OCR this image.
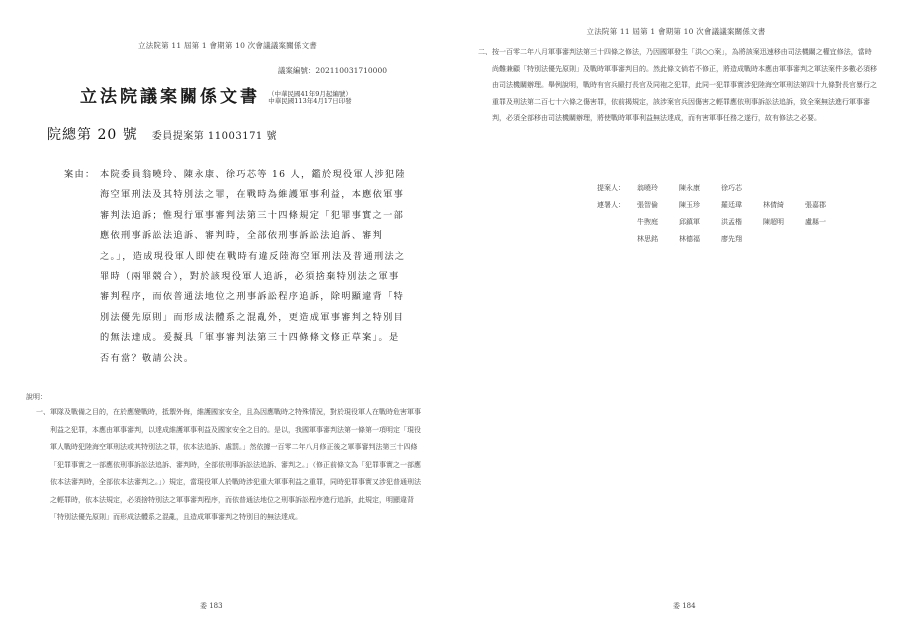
立法院第 11 屆第 1 會期第 10 次會議議案關係文書
議案編號：202110031710000
立法院議案關係文書 （中華民國41年9月起編號）
中華民國113年4月17日印發
院總第 20 號 委員提案第 11003171 號
案由： 本院委員翁曉玲、陳永康、徐巧芯等 16 人，鑑於現役軍人涉犯陸海空軍刑法及其特別法之罪，在戰時為維護軍事利益，本應依軍事審判法追訴；惟現行軍事審判法第三十四條規定「犯罪事實之一部應依刑事訴訟法追訴、審判時，全部依刑事訴訟法追訴、審判之。」，造成現役軍人即使在戰時有違反陸海空軍刑法及普通刑法之罪時（兩罪競合），對於該現役軍人追訴，必須捨棄特別法之軍事審判程序，而依普通法地位之刑事訴訟程序追訴，除明顯違背「特別法優先原則」而形成法體系之混亂外，更造成軍事審判之特別目的無法達成。爰擬具「軍事審判法第三十四條條文修正草案」。是否有當？敬請公決。
說明：
一、 軍隊及戰備之目的，在於應變戰時，抵禦外侮，維護國家安全，且為因應戰時之特殊情況，對於現役軍人在戰時危害軍事利益之犯罪，本應由軍事審判，以達成維護軍事利益及國家安全之目的。是以，我國軍事審判法第一條第一項明定「現役軍人戰時犯陸海空軍刑法或其特別法之罪，依本法追訴、處罰。」然依據一百零二年八月修正後之軍事審判法第三十四條「犯罪事實之一部應依刑事訴訟法追訴、審判時，全部依刑事訴訟法追訴、審判之。」（修正前條文為「犯罪事實之一部應依本法審判時，全部依本法審判之。」）規定，當現役軍人於戰時涉犯重大軍事利益之重罪，同時犯罪事實又涉犯普通刑法之輕罪時，依本法規定，必須捨特別法之軍事審判程序，而依普通法地位之刑事訴訟程序進行追訴，此規定，明顯違背「特別法優先原則」而形成法體系之混亂，且造成軍事審判之特別目的無法達成。
委 183
立法院第 11 屆第 1 會期第 10 次會議議案關係文書
二、 按一百零二年八月軍事審判法第三十四條之修法，乃因國軍發生「洪○○案」，為將該案迅速移由司法機關之權宜修法，當時尚難兼顧「特別法優先原則」及戰時軍事審判目的。然此條文倘若不修正，將造成戰時本應由軍事審判之軍法案件多數必須移由司法機關辦理。舉例說明，戰時有官兵毆打長官及同袍之犯罪，此同一犯罪事實涉犯陸海空軍刑法第四十九條對長官暴行之重罪及刑法第二百七十六條之傷害罪，依前揭規定，該涉案官兵因傷害之輕罪應依刑事訴訟法追訴，致全案無法進行軍事審判，必須全部移由司法機關辦理，將使戰時軍事利益無法達成，而有害軍事任務之遂行，故有修法之必要。
提案人：	翁曉玲	陳永康	徐巧芯
連署人：	張智倫	陳玉珍	羅廷瑋	林倩綺	張嘉郡
牛煦庭	邱鎮軍	洪孟楷	陳超明	盧縣一
林思銘	林德福	廖先翔
委 184
